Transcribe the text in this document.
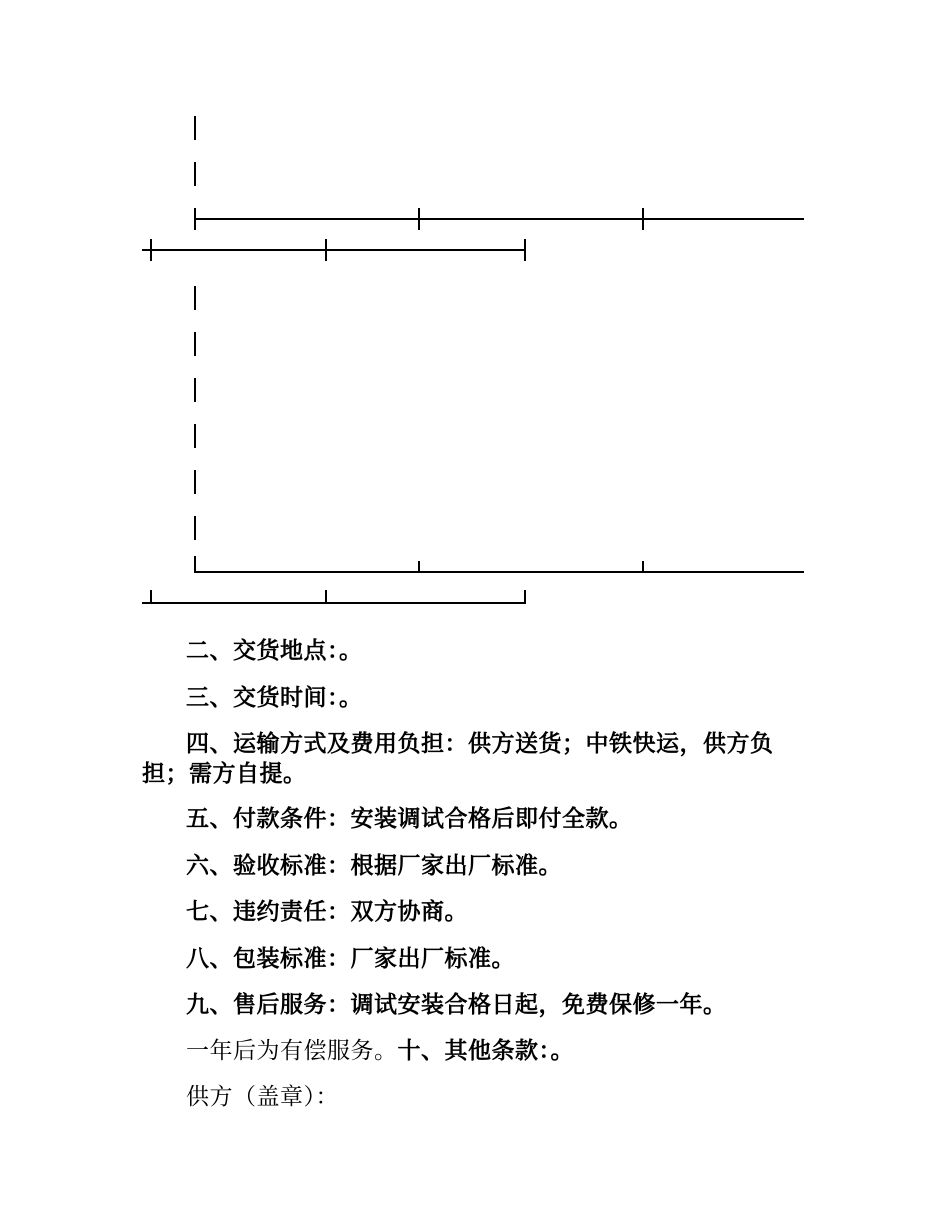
二、交货地点：。
三、交货时间：。
四、运输方式及费用负担：供方送货；中铁快运，供方负担；需方自提。
五、付款条件：安装调试合格后即付全款。
六、验收标准：根据厂家出厂标准。
七、违约责任：双方协商。
八、包装标准：厂家出厂标准。
九、售后服务：调试安装合格日起，免费保修一年。
一年后为有偿服务。十、其他条款：。
供方（盖章）：
